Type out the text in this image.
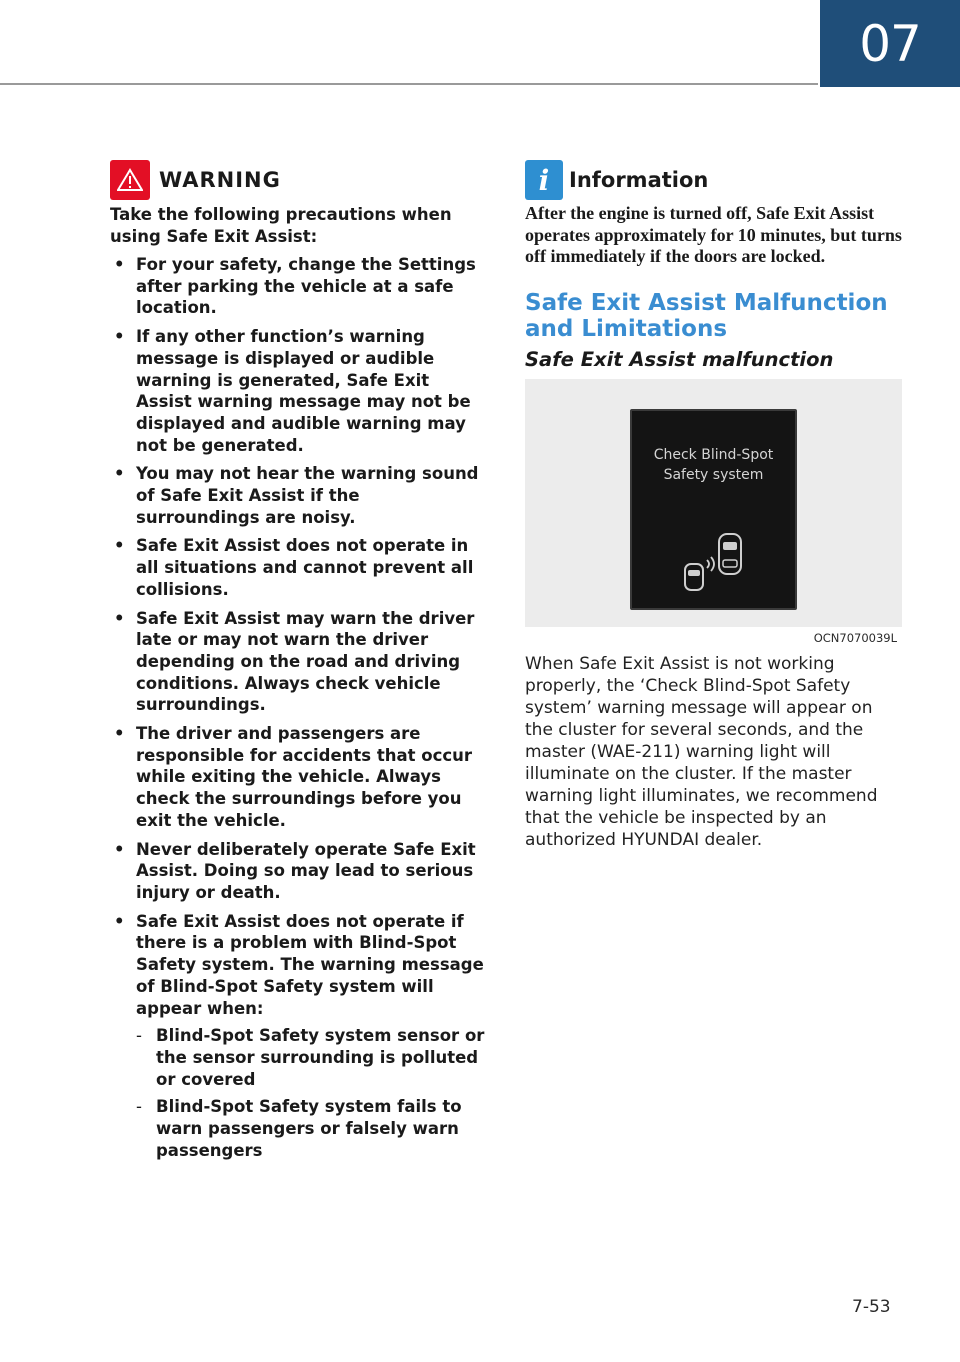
07
WARNING
Take the following precautions when using Safe Exit Assist:
• For your safety, change the Settings after parking the vehicle at a safe location.
• If any other function’s warning message is displayed or audible warning is generated, Safe Exit Assist warning message may not be displayed and audible warning may not be generated.
• You may not hear the warning sound of Safe Exit Assist if the surroundings are noisy.
• Safe Exit Assist does not operate in all situations and cannot prevent all collisions.
• Safe Exit Assist may warn the driver late or may not warn the driver depending on the road and driving conditions. Always check vehicle surroundings.
• The driver and passengers are responsible for accidents that occur while exiting the vehicle. Always check the surroundings before you exit the vehicle.
• Never deliberately operate Safe Exit Assist. Doing so may lead to serious injury or death.
• Safe Exit Assist does not operate if there is a problem with Blind-Spot Safety system. The warning message of Blind-Spot Safety system will appear when:
- Blind-Spot Safety system sensor or the sensor surrounding is polluted or covered
- Blind-Spot Safety system fails to warn passengers or falsely warn passengers
i Information
After the engine is turned off, Safe Exit Assist operates approximately for 10 minutes, but turns off immediately if the doors are locked.
Safe Exit Assist Malfunction and Limitations
Safe Exit Assist malfunction
Check Blind-Spot
Safety system
OCN7070039L
When Safe Exit Assist is not working properly, the ‘Check Blind-Spot Safety system’ warning message will appear on the cluster for several seconds, and the master (WAE-211) warning light will illuminate on the cluster. If the master warning light illuminates, we recommend that the vehicle be inspected by an authorized HYUNDAI dealer.
7-53
